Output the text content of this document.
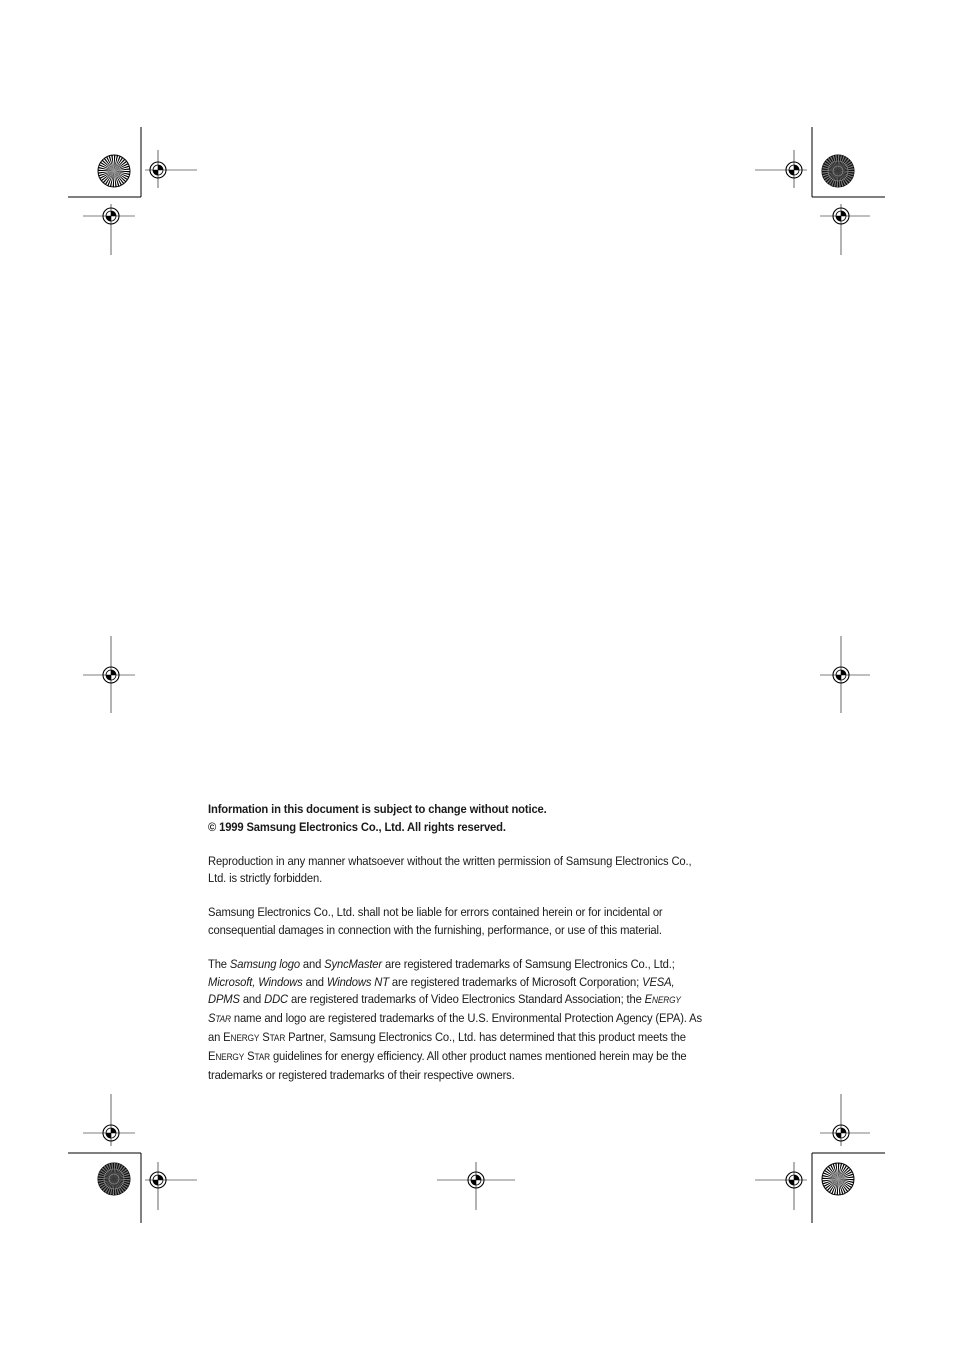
Information in this document is subject to change without notice.

© 1999 Samsung Electronics Co., Ltd. All rights reserved.

Reproduction in any manner whatsoever without the written permission of Samsung Electronics Co., Ltd. is strictly forbidden.

Samsung Electronics Co., Ltd. shall not be liable for errors contained herein or for incidental or consequential damages in connection with the furnishing, performance, or use of this material.

The Samsung logo and SyncMaster are registered trademarks of Samsung Electronics Co., Ltd.; Microsoft, Windows and Windows NT are registered trademarks of Microsoft Corporation; VESA, DPMS and DDC are registered trademarks of Video Electronics Standard Association; the ENERGY STAR name and logo are registered trademarks of the U.S. Environmental Protection Agency (EPA). As an ENERGY STAR Partner, Samsung Electronics Co., Ltd. has determined that this product meets the ENERGY STAR guidelines for energy efficiency. All other product names mentioned herein may be the trademarks or registered trademarks of their respective owners.
